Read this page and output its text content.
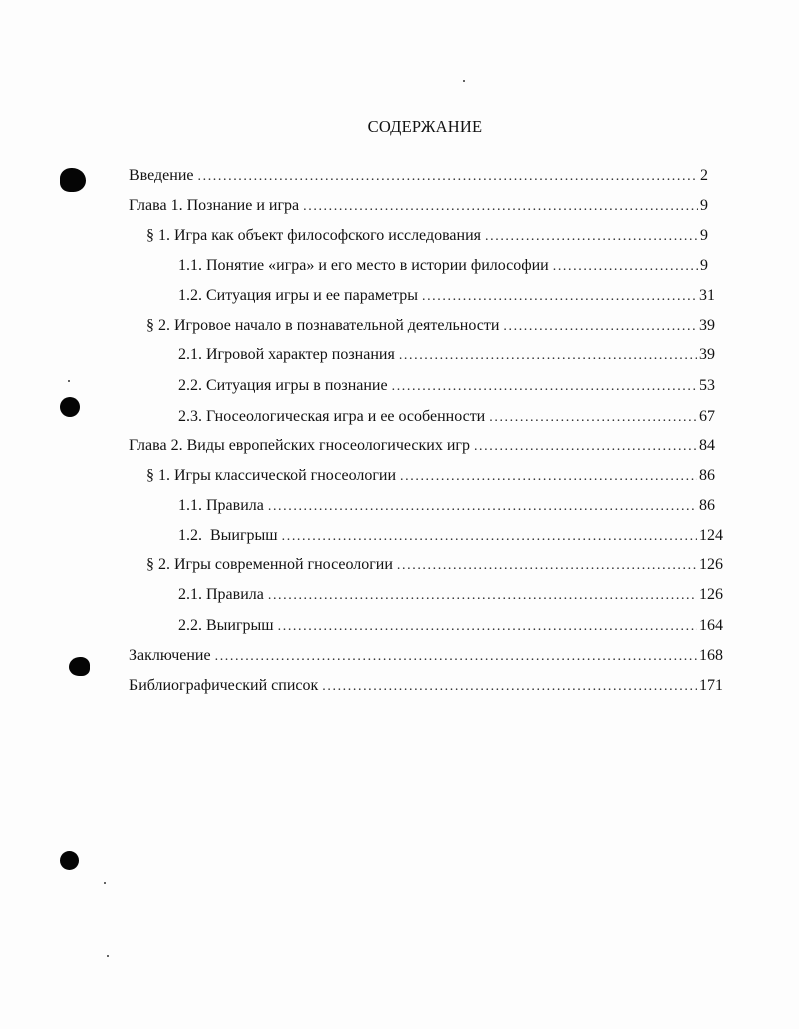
СОДЕРЖАНИЕ
Введение .....	2
Глава 1. Познание и игра .....	9
§ 1. Игра как объект философского исследования .....	9
1.1. Понятие «игра» и его место в истории философии .....	9
1.2. Ситуация игры и ее параметры .....	31
§ 2. Игровое начало в познавательной деятельности .....	39
2.1. Игровой характер познания .....	39
2.2. Ситуация игры в познание .....	53
2.3. Гносеологическая игра и ее особенности .....	67
Глава 2. Виды европейских гносеологических игр .....	84
§ 1. Игры классической гносеологии .....	86
1.1. Правила .....	86
1.2.  Выигрыш .....	124
§ 2. Игры современной гносеологии .....	126
2.1. Правила .....	126
2.2. Выигрыш .....	164
Заключение .....	168
Библиографический список .....	171
